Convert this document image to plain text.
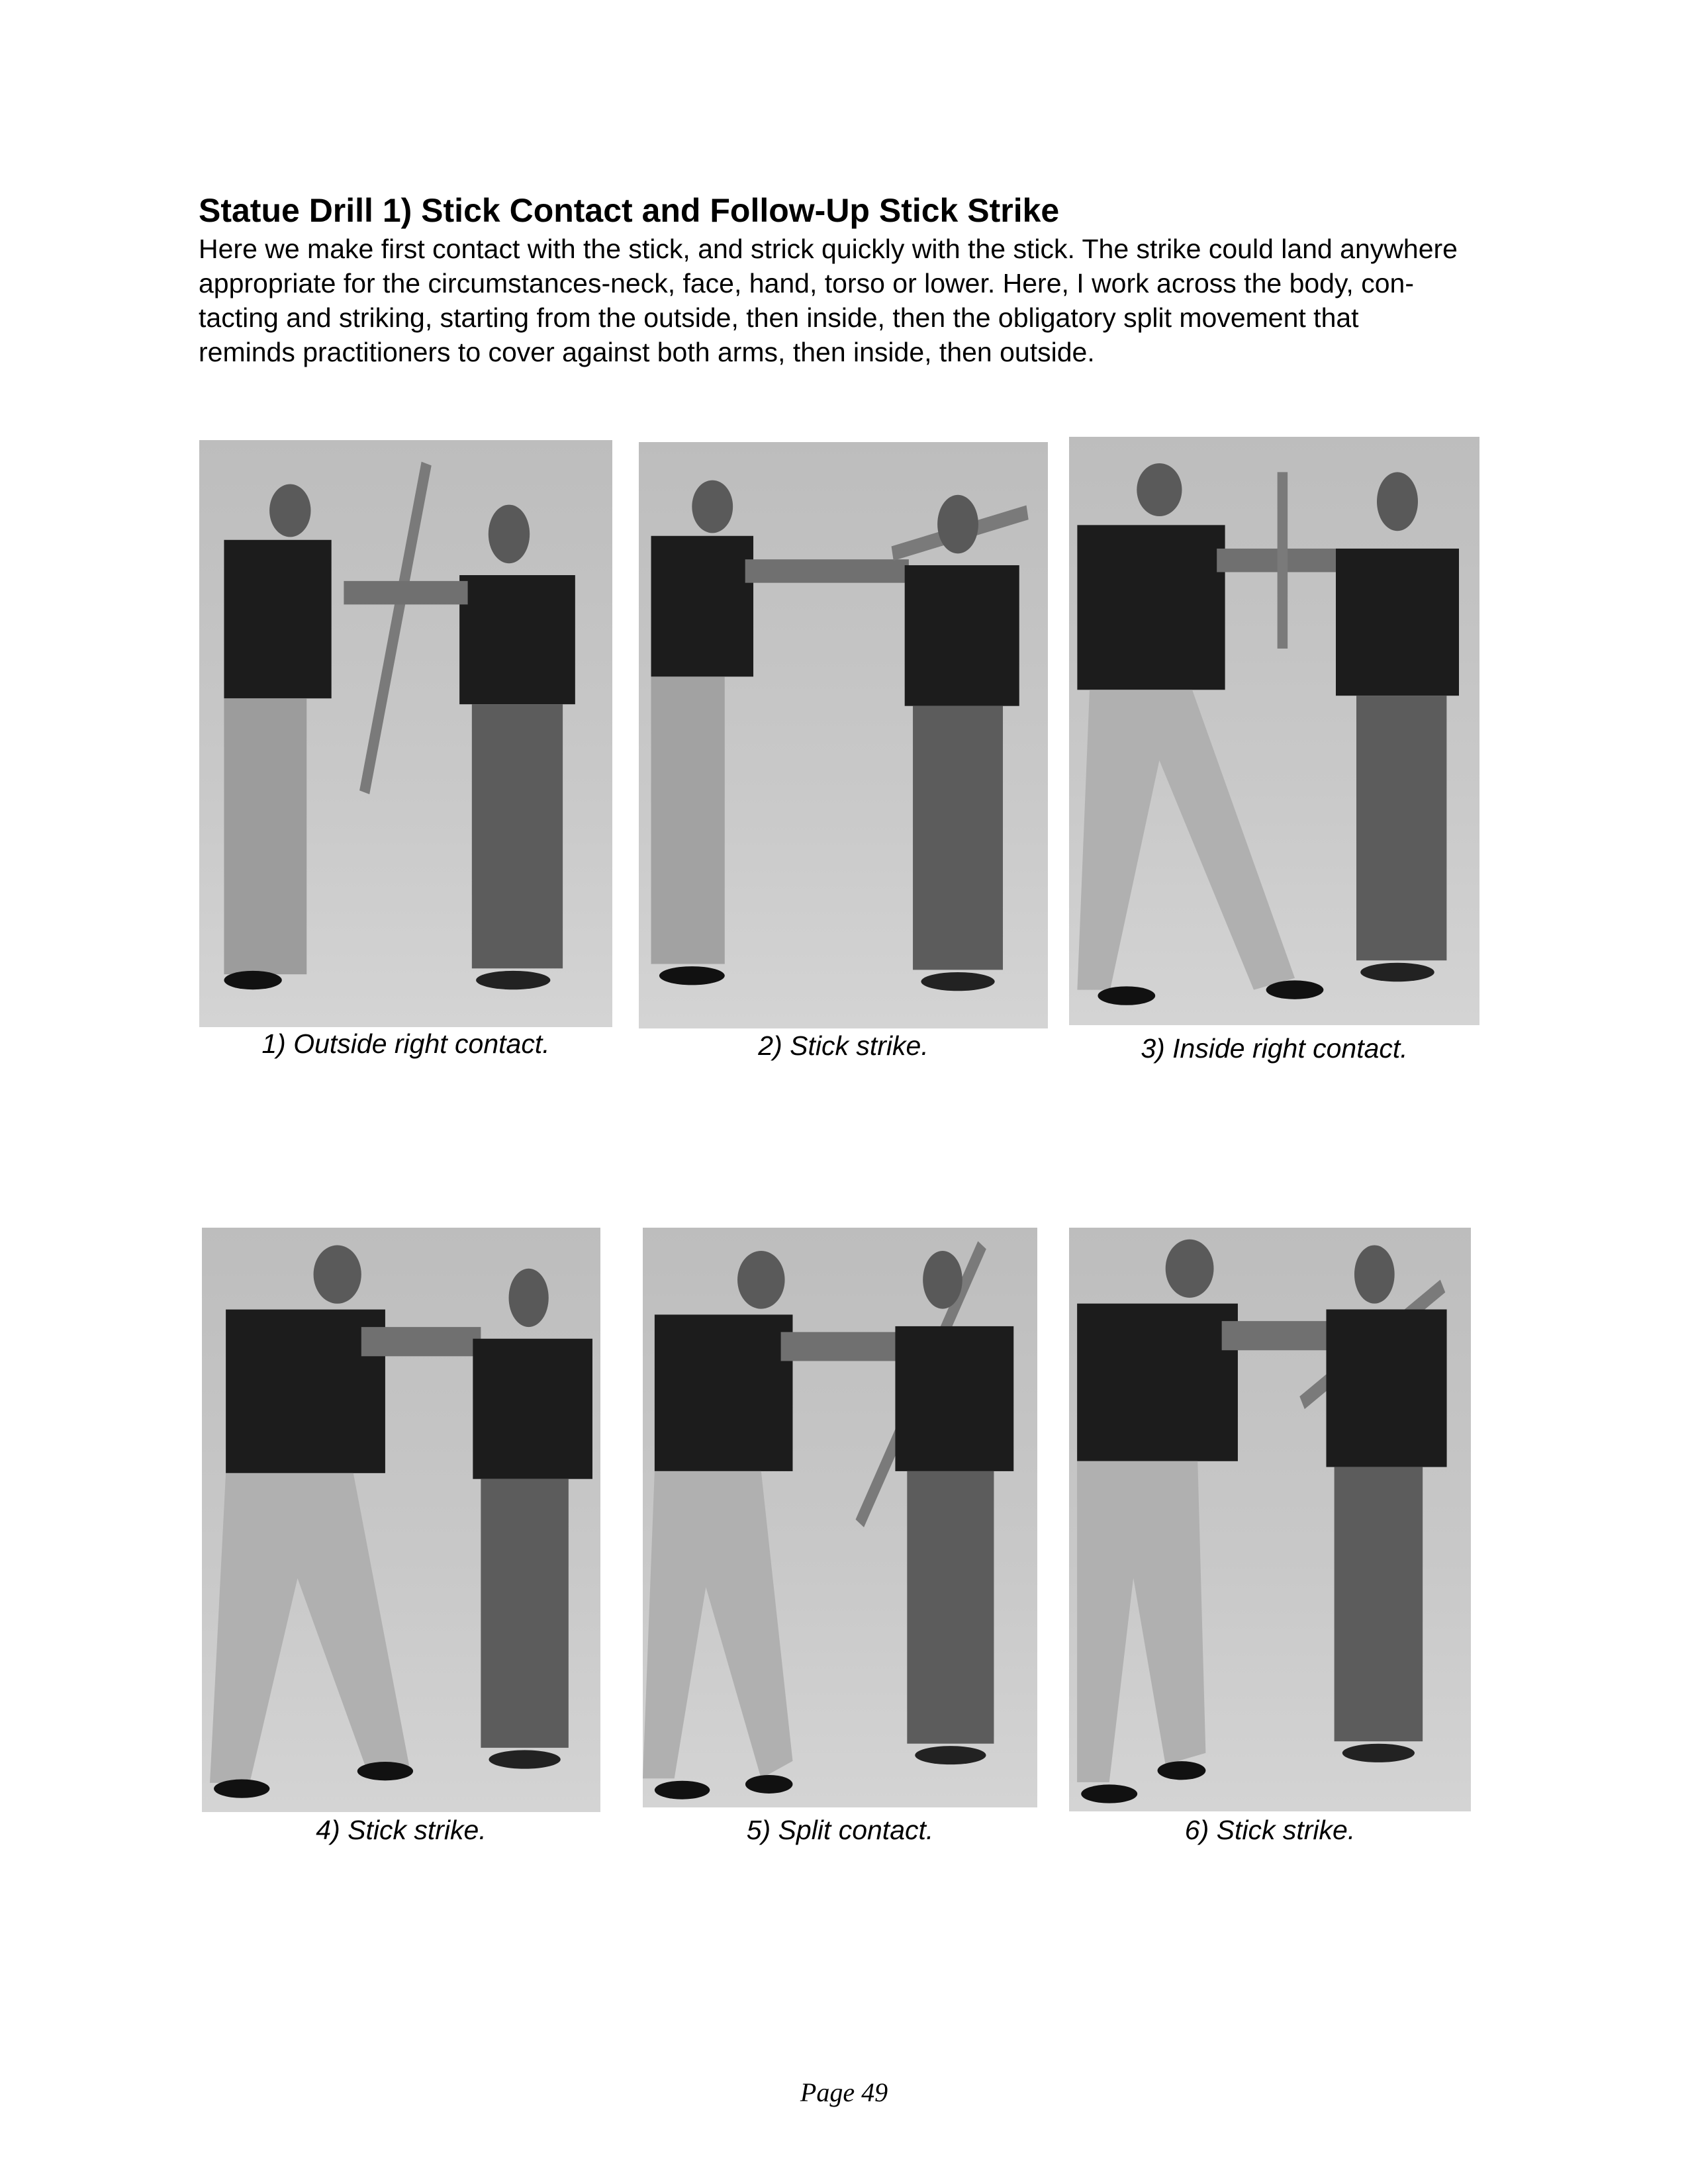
Statue Drill 1) Stick Contact and Follow-Up Stick Strike
Here we make first contact with the stick, and strick quickly with the stick. The strike could land anywhere
appropriate for the circumstances-neck, face, hand, torso or lower. Here, I work across the body, con-
tacting and striking, starting from the outside, then inside, then the obligatory split movement that
reminds practitioners to cover against both arms, then inside, then outside.
1) Outside right contact.	2) Stick strike.	3) Inside right contact.
4) Stick strike.	5) Split contact.	6) Stick strike.
Page 49
